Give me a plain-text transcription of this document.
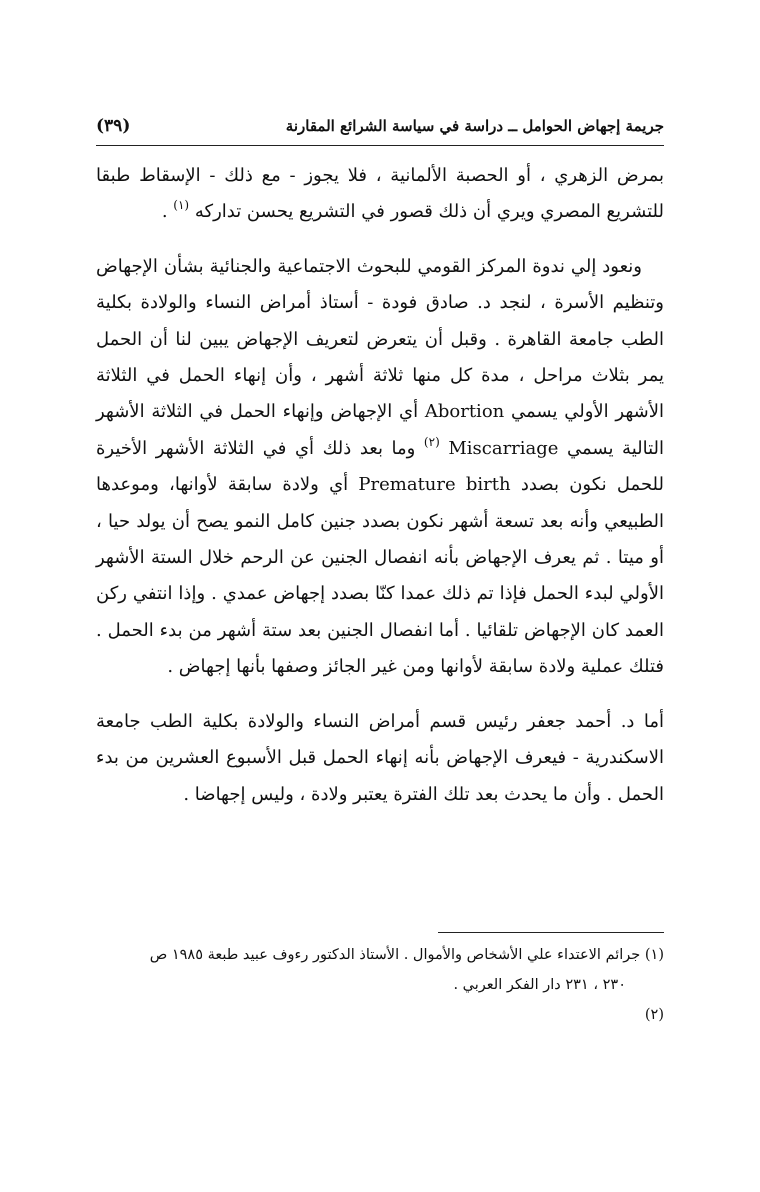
جريمة إجهاض الحوامل ــ دراسة في سياسة الشرائع المقارنة
(٣٩)

بمرض الزهري ، أو الحصبة الألمانية ، فلا يجوز - مع ذلك - الإسقاط طبقا للتشريع المصري ويري أن ذلك قصور في التشريع يحسن تداركه $^{(١)}$ .

ونعود إلي ندوة المركز القومي للبحوث الاجتماعية والجنائية بشأن الإجهاض وتنظيم الأسرة ، لنجد د. صادق فودة - أستاذ أمراض النساء والولادة بكلية الطب جامعة القاهرة . وقبل أن يتعرض لتعريف الإجهاض يبين لنا أن الحمل يمر بثلاث مراحل ، مدة كل منها ثلاثة أشهر ، وأن إنهاء الحمل في الثلاثة الأشهر الأولي يسمي Abortion أي الإجهاض وإنهاء الحمل في الثلاثة الأشهر التالية يسمي Miscarriage $^{(٢)}$ وما بعد ذلك أي في الثلاثة الأشهر الأخيرة للحمل نكون بصدد Premature birth أي ولادة سابقة لأوانها، وموعدها الطبيعي وأنه بعد تسعة أشهر نكون بصدد جنين كامل النمو يصح أن يولد حيا ، أو ميتا . ثم يعرف الإجهاض بأنه انفصال الجنين عن الرحم خلال الستة الأشهر الأولي لبدء الحمل فإذا تم ذلك عمدا كنّا بصدد إجهاض عمدي . وإذا انتفي ركن العمد كان الإجهاض تلقائيا . أما انفصال الجنين بعد ستة أشهر من بدء الحمل . فتلك عملية ولادة سابقة لأوانها ومن غير الجائز وصفها بأنها إجهاض .

أما د. أحمد جعفر رئيس قسم أمراض النساء والولادة بكلية الطب جامعة الاسكندرية - فيعرف الإجهاض بأنه إنهاء الحمل قبل الأسبوع العشرين من بدء الحمل . وأن ما يحدث بعد تلك الفترة يعتبر ولادة ، وليس إجهاضا .

(١) جرائم الاعتداء علي الأشخاص والأموال . الأستاذ الدكتور رءوف عبيد طبعة ١٩٨٥ ص

٢٣٠ ، ٢٣١ دار الفكر العربي .

(٢)
